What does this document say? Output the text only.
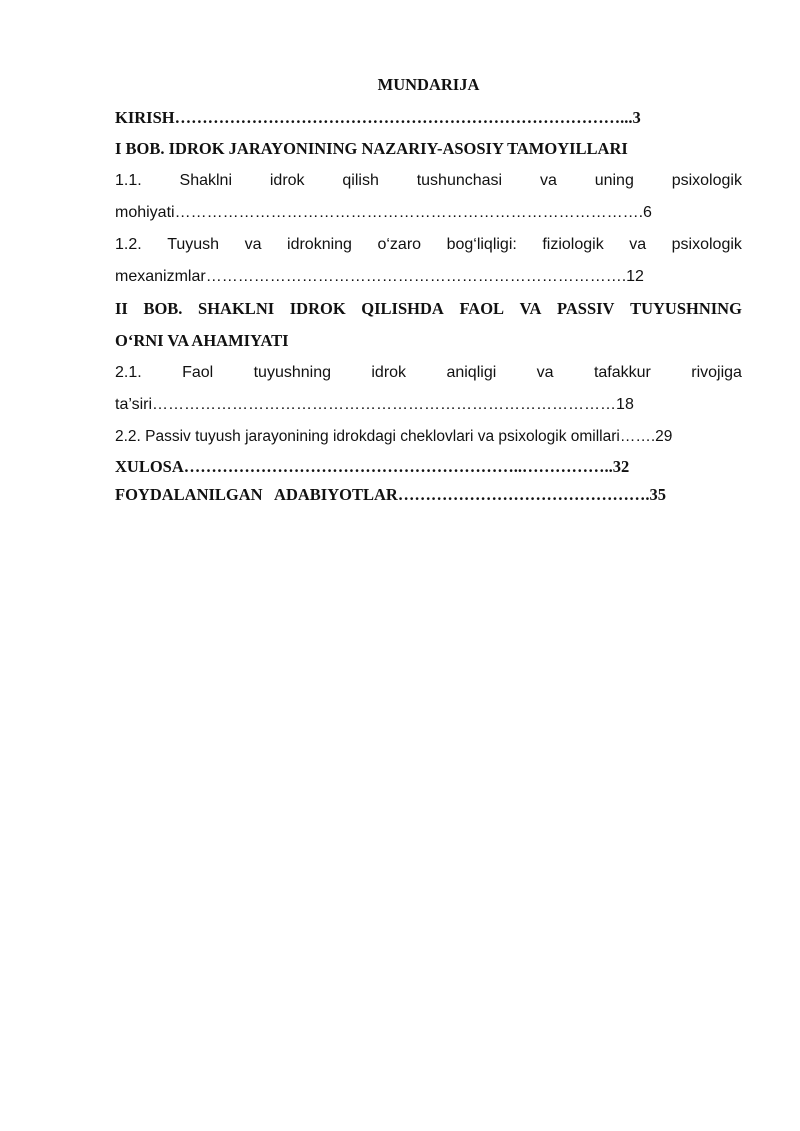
MUNDARIJA
KIRISH………………………………………………………………………...3
I BOB. IDROK JARAYONINING NAZARIY-ASOSIY TAMOYILLARI
1.1. Shaklni idrok qilish tushunchasi va uning psixologik
mohiyati…………………………………………………………………………….6
1.2. Tuyush va idrokning o‘zaro bog‘liqligi: fiziologik va psixologik
mexanizmlar…………………………………………………………………….12
II BOB. SHAKLNI IDROK QILISHDA FAOL VA PASSIV TUYUSHNING
O‘RNI VA AHAMIYATI
2.1.	Faol	tuyushning	idrok	aniqligi	va	tafakkur	rivojiga
ta’siri……………………………………………………………………………18
2.2. Passiv tuyush jarayonining idrokdagi cheklovlari va psixologik omillari…….29
XULOSA……………………………………………………..……………..32
FOYDALANILGAN   ADABIYOTLAR……………………………………….35
